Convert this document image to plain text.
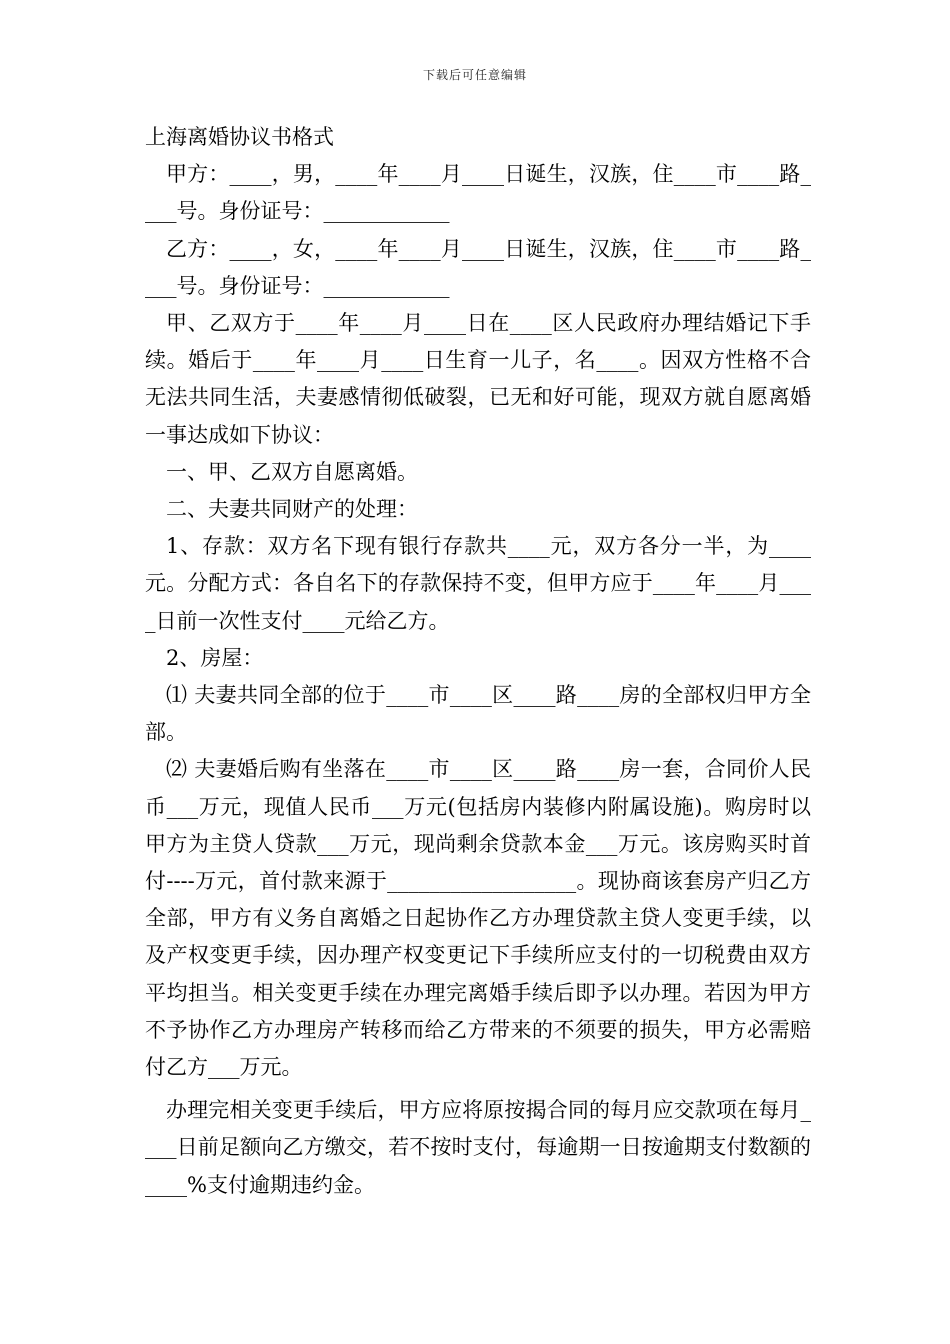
下载后可任意编辑
上海离婚协议书格式

甲方：____，男，____年____月____日诞生，汉族，住____市____路____号。身份证号：____________

乙方：____，女，____年____月____日诞生，汉族，住____市____路____号。身份证号：____________

甲、乙双方于____年____月____日在____区人民政府办理结婚记下手续。婚后于____年____月____日生育一儿子，名____。因双方性格不合无法共同生活，夫妻感情彻低破裂，已无和好可能，现双方就自愿离婚一事达成如下协议：

一、甲、乙双方自愿离婚。

二、夫妻共同财产的处理：

1、存款：双方名下现有银行存款共____元，双方各分一半，为____元。分配方式：各自名下的存款保持不变，但甲方应于____年____月____日前一次性支付____元给乙方。

2、房屋：

⑴ 夫妻共同全部的位于____市____区____路____房的全部权归甲方全部。

⑵ 夫妻婚后购有坐落在____市____区____路____房一套，合同价人民币___万元，现值人民币___万元(包括房内装修内附属设施)。购房时以甲方为主贷人贷款___万元，现尚剩余贷款本金___万元。该房购买时首付----万元，首付款来源于__________________。现协商该套房产归乙方全部，甲方有义务自离婚之日起协作乙方办理贷款主贷人变更手续，以及产权变更手续，因办理产权变更记下手续所应支付的一切税费由双方平均担当。相关变更手续在办理完离婚手续后即予以办理。若因为甲方不予协作乙方办理房产转移而给乙方带来的不须要的损失，甲方必需赔付乙方___万元。

办理完相关变更手续后，甲方应将原按揭合同的每月应交款项在每月____日前足额向乙方缴交，若不按时支付，每逾期一日按逾期支付数额的____%支付逾期违约金。
